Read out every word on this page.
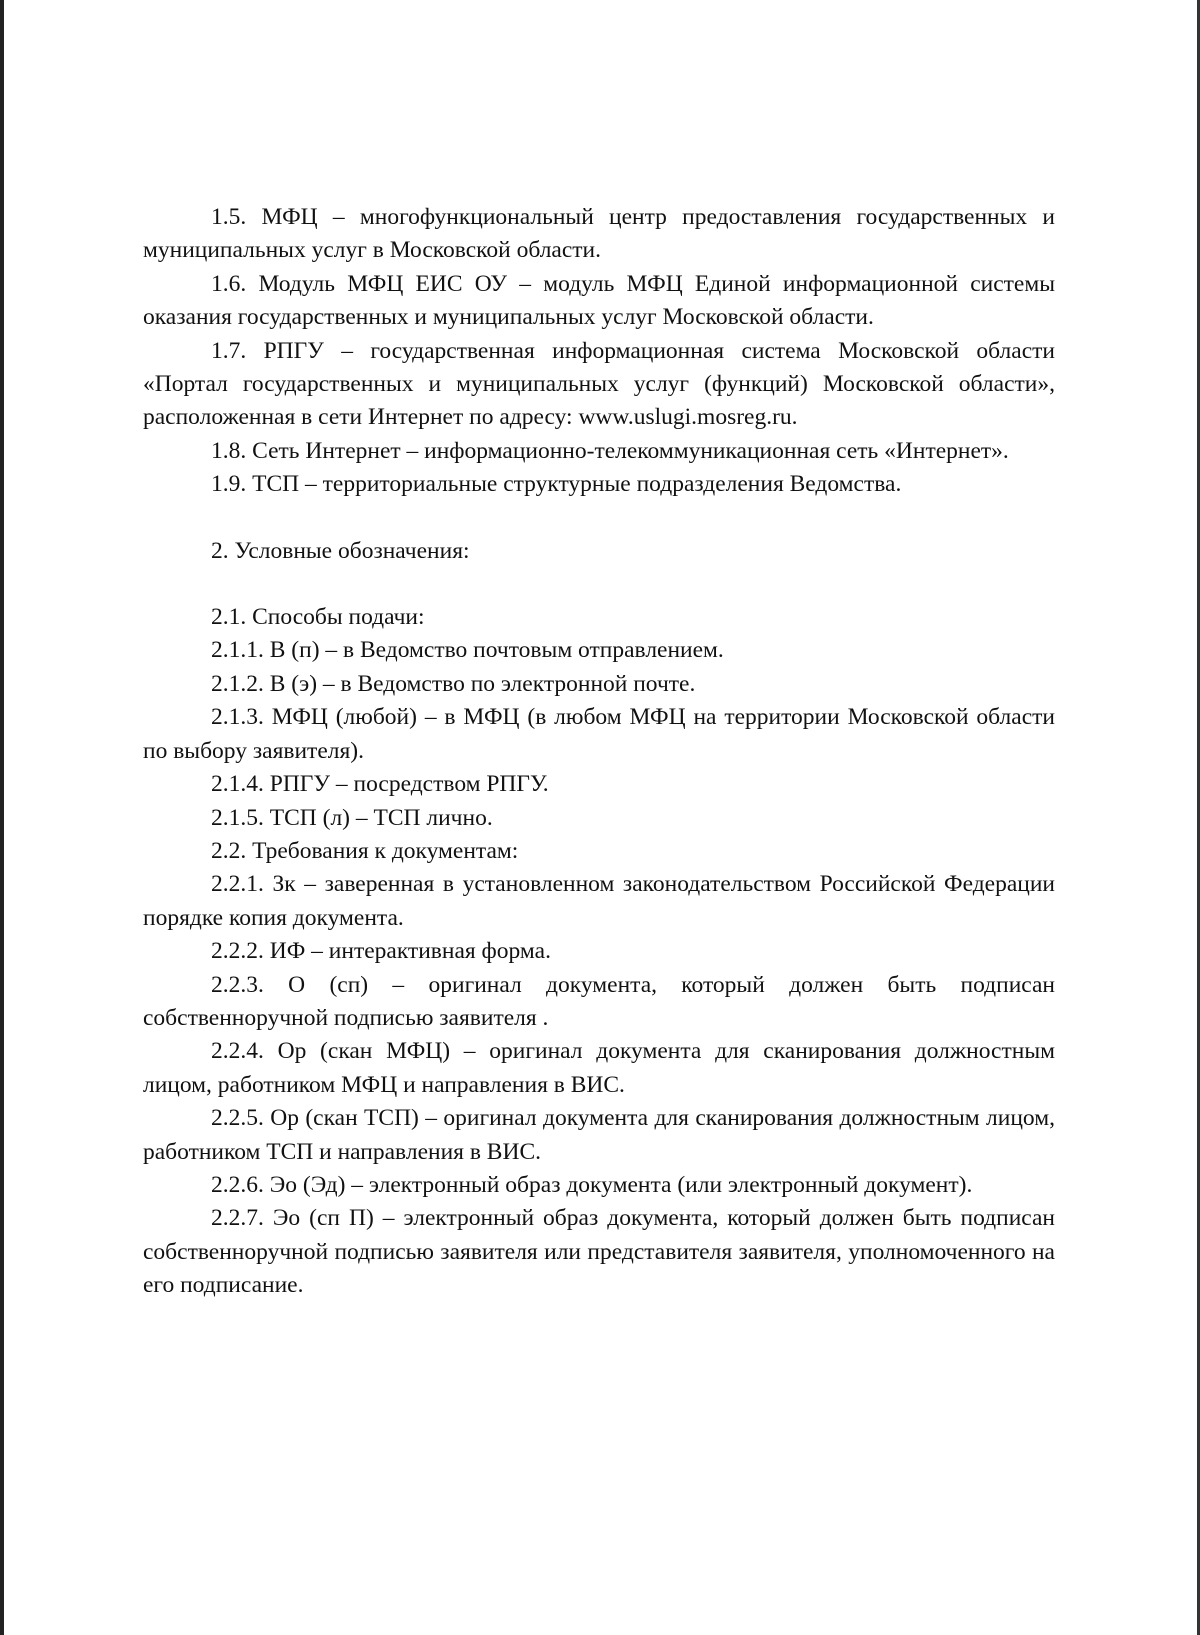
1.5. МФЦ – многофункциональный центр предоставления государственных и муниципальных услуг в Московской области.

1.6. Модуль МФЦ ЕИС ОУ – модуль МФЦ Единой информационной системы оказания государственных и муниципальных услуг Московской области.

1.7. РПГУ – государственная информационная система Московской области «Портал государственных и муниципальных услуг (функций) Московской области», расположенная в сети Интернет по адресу: www.uslugi.mosreg.ru.

1.8. Сеть Интернет – информационно-телекоммуникационная сеть «Интернет».

1.9. ТСП – территориальные структурные подразделения Ведомства.

2. Условные обозначения:

2.1. Способы подачи:

2.1.1. В (п) – в Ведомство почтовым отправлением.

2.1.2. В (э) – в Ведомство по электронной почте.

2.1.3. МФЦ (любой) – в МФЦ (в любом МФЦ на территории Московской области по выбору заявителя).

2.1.4. РПГУ – посредством РПГУ.

2.1.5. ТСП (л) – ТСП лично.

2.2. Требования к документам:

2.2.1. Зк – заверенная в установленном законодательством Российской Федерации порядке копия документа.

2.2.2. ИФ – интерактивная форма.

2.2.3. О (сп) – оригинал документа, который должен быть подписан собственноручной подписью заявителя .

2.2.4. Ор (скан МФЦ) – оригинал документа для сканирования должностным лицом, работником МФЦ и направления в ВИС.

2.2.5. Ор (скан ТСП) – оригинал документа для сканирования должностным лицом, работником ТСП и направления в ВИС.

2.2.6. Эо (Эд) – электронный образ документа (или электронный документ).

2.2.7. Эо (сп П) – электронный образ документа, который должен быть подписан собственноручной подписью заявителя или представителя заявителя, уполномоченного на его подписание.
